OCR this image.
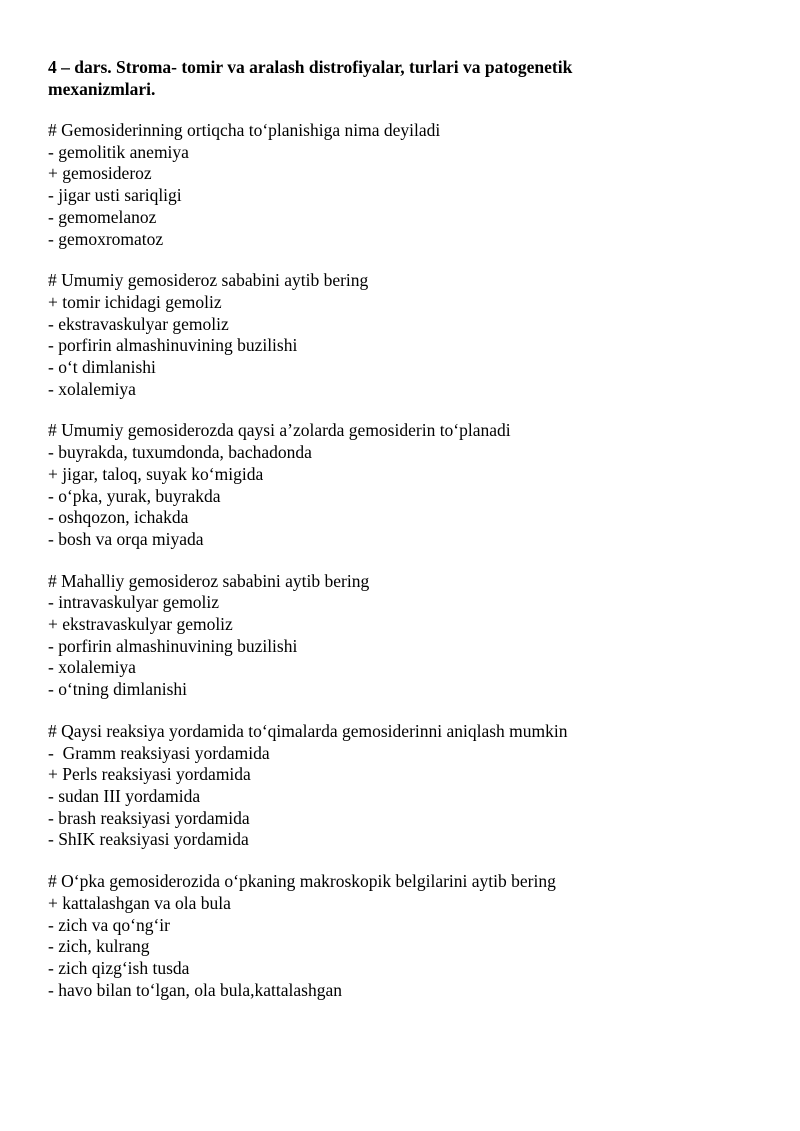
4 – dars. Stroma- tomir va aralash distrofiyalar, turlari va patogenetik
mexanizmlari.
# Gemosiderinning ortiqcha to‘planishiga nima deyiladi
- gemolitik anemiya
+ gemosideroz
- jigar usti sariqligi
- gemomelanoz
- gemoxromatoz
# Umumiy gemosideroz sababini aytib bering
+ tomir ichidagi gemoliz
- ekstravaskulyar gemoliz
- porfirin almashinuvining buzilishi
- o‘t dimlanishi
- xolalemiya
# Umumiy gemosiderozda qaysi a’zolarda gemosiderin to‘planadi
- buyrakda, tuxumdonda, bachadonda
+ jigar, taloq, suyak ko‘migida
- o‘pka, yurak, buyrakda
- oshqozon, ichakda
- bosh va orqa miyada
# Mahalliy gemosideroz sababini aytib bering
- intravaskulyar gemoliz
+ ekstravaskulyar gemoliz
- porfirin almashinuvining buzilishi
- xolalemiya
- o‘tning dimlanishi
# Qaysi reaksiya yordamida to‘qimalarda gemosiderinni aniqlash mumkin
-  Gramm reaksiyasi yordamida
+ Perls reaksiyasi yordamida
- sudan III yordamida
- brash reaksiyasi yordamida
- ShIK reaksiyasi yordamida
# O‘pka gemosiderozida o‘pkaning makroskopik belgilarini aytib bering
+ kattalashgan va ola bula
- zich va qo‘ng‘ir
- zich, kulrang
- zich qizg‘ish tusda
- havo bilan to‘lgan, ola bula,kattalashgan
